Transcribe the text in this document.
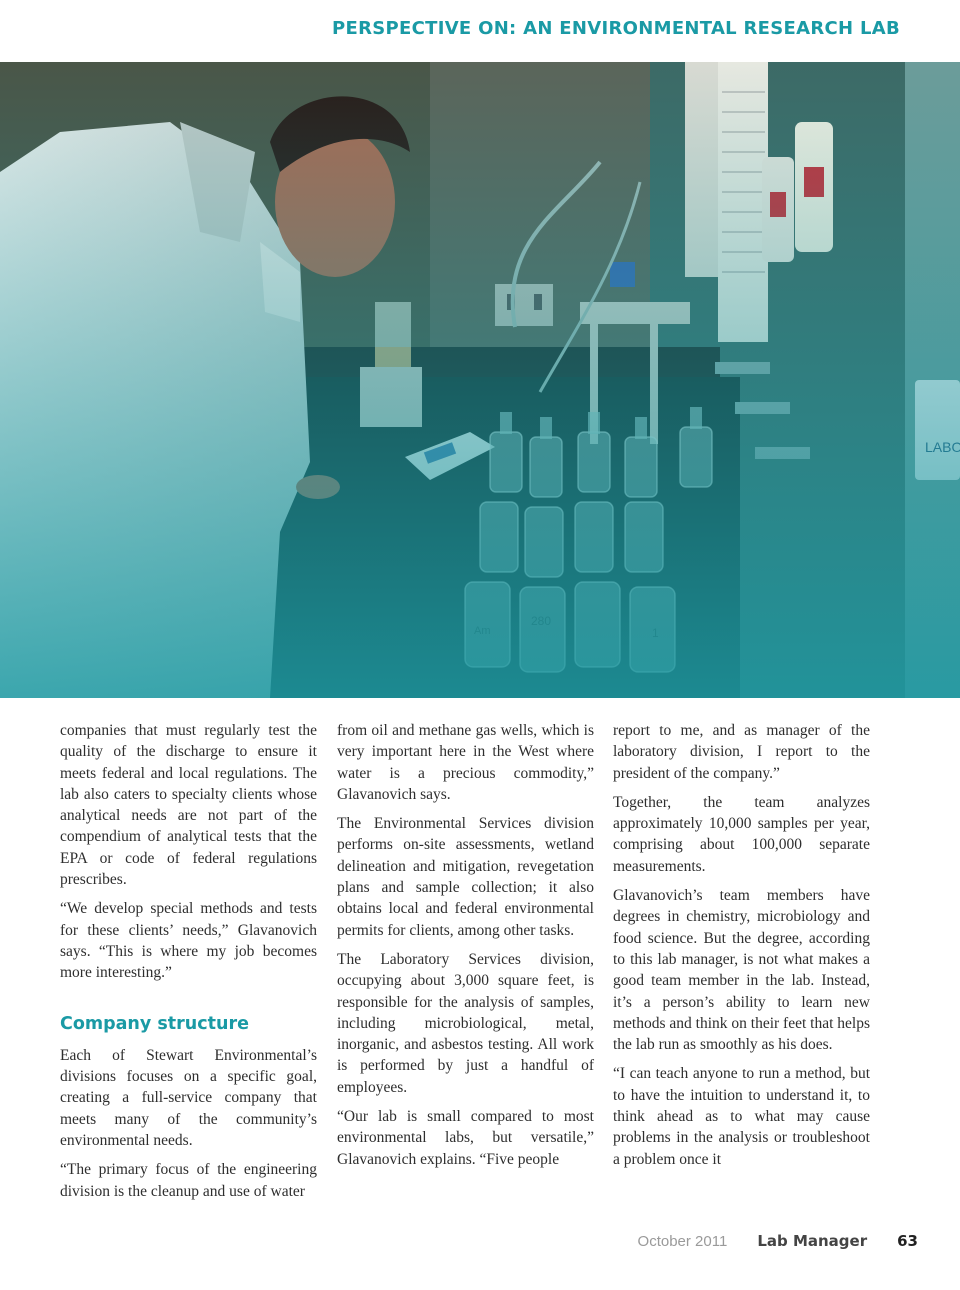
PERSPECTIVE ON: AN ENVIRONMENTAL RESEARCH LAB

companies that must regularly test the quality of the discharge to ensure it meets federal and local regulations. The lab also caters to specialty clients whose analytical needs are not part of the compendium of analytical tests that the EPA or code of federal regulations prescribes.

“We develop special methods and tests for these clients’ needs,” Glavanovich says. “This is where my job becomes more interesting.”

Company structure

Each of Stewart Environmental’s divisions focuses on a specific goal, creating a full-service company that meets many of the community’s environmental needs.

“The primary focus of the engineering division is the cleanup and use of water

from oil and methane gas wells, which is very important here in the West where water is a precious commodity,” Glavanovich says.

The Environmental Services division performs on-site assessments, wetland delineation and mitigation, revegetation plans and sample collection; it also obtains local and federal environmental permits for clients, among other tasks.

The Laboratory Services division, occupying about 3,000 square feet, is responsible for the analysis of samples, including microbiological, metal, inorganic, and asbestos testing. All work is performed by just a handful of employees.

“Our lab is small compared to most environmental labs, but versatile,” Glavanovich explains. “Five people

report to me, and as manager of the laboratory division, I report to the president of the company.”

Together, the team analyzes approximately 10,000 samples per year, comprising about 100,000 separate measurements.

Glavanovich’s team members have degrees in chemistry, microbiology and food science. But the degree, according to this lab manager, is not what makes a good team member in the lab. Instead, it’s a person’s ability to learn new methods and think on their feet that helps the lab run as smoothly as his does.

“I can teach anyone to run a method, but to have the intuition to understand it, to think ahead as to what may cause problems in the analysis or troubleshoot a problem once it

October 2011 Lab Manager 63
